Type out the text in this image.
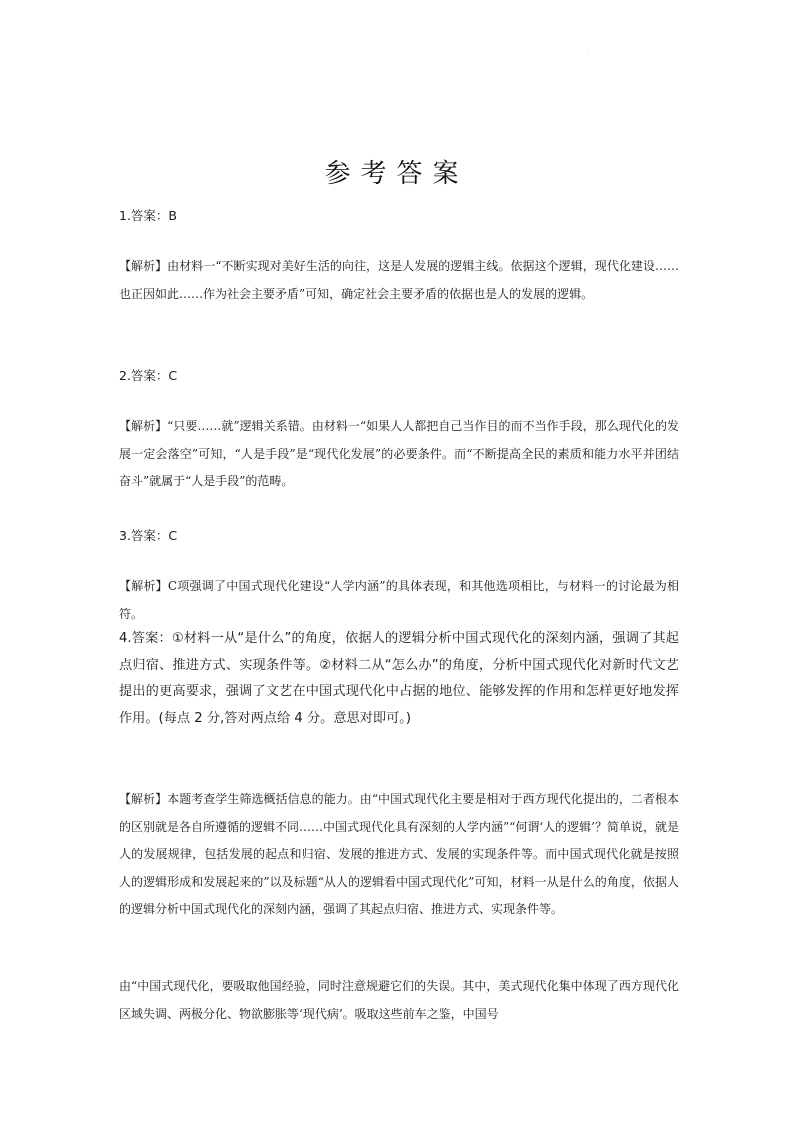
·
参考答案

1.答案：B

【解析】由材料一“不断实现对美好生活的向往，这是人发展的逻辑主线。依据这个逻辑，现代化建设……也正因如此……作为社会主要矛盾”可知，确定社会主要矛盾的依据也是人的发展的逻辑。

2.答案：C

【解析】“只要……就”逻辑关系错。由材料一“如果人人都把自己当作目的而不当作手段，那么现代化的发展一定会落空”可知，“人是手段”是“现代化发展”的必要条件。而“不断提高全民的素质和能力水平并团结奋斗”就属于“人是手段”的范畴。

3.答案：C

【解析】C项强调了中国式现代化建设“人学内涵”的具体表现，和其他选项相比，与材料一的讨论最为相符。

4.答案：①材料一从“是什么”的角度，依据人的逻辑分析中国式现代化的深刻内涵，强调了其起点归宿、推进方式、实现条件等。②材料二从“怎么办”的角度，分析中国式现代化对新时代文艺提出的更高要求，强调了文艺在中国式现代化中占据的地位、能够发挥的作用和怎样更好地发挥作用。(每点 2 分,答对两点给 4 分。意思对即可。)

【解析】本题考查学生筛选概括信息的能力。由“中国式现代化主要是相对于西方现代化提出的，二者根本的区别就是各自所遵循的逻辑不同……中国式现代化具有深刻的人学内涵”“何谓‘人的逻辑’？简单说，就是人的发展规律，包括发展的起点和归宿、发展的推进方式、发展的实现条件等。而中国式现代化就是按照人的逻辑形成和发展起来的”以及标题“从人的逻辑看中国式现代化”可知，材料一从是什么的角度，依据人的逻辑分析中国式现代化的深刻内涵，强调了其起点归宿、推进方式、实现条件等。

由“中国式现代化，要吸取他国经验，同时注意规避它们的失误。其中，美式现代化集中体现了西方现代化区域失调、两极分化、物欲膨胀等‘现代病’。吸取这些前车之鉴，中国号
